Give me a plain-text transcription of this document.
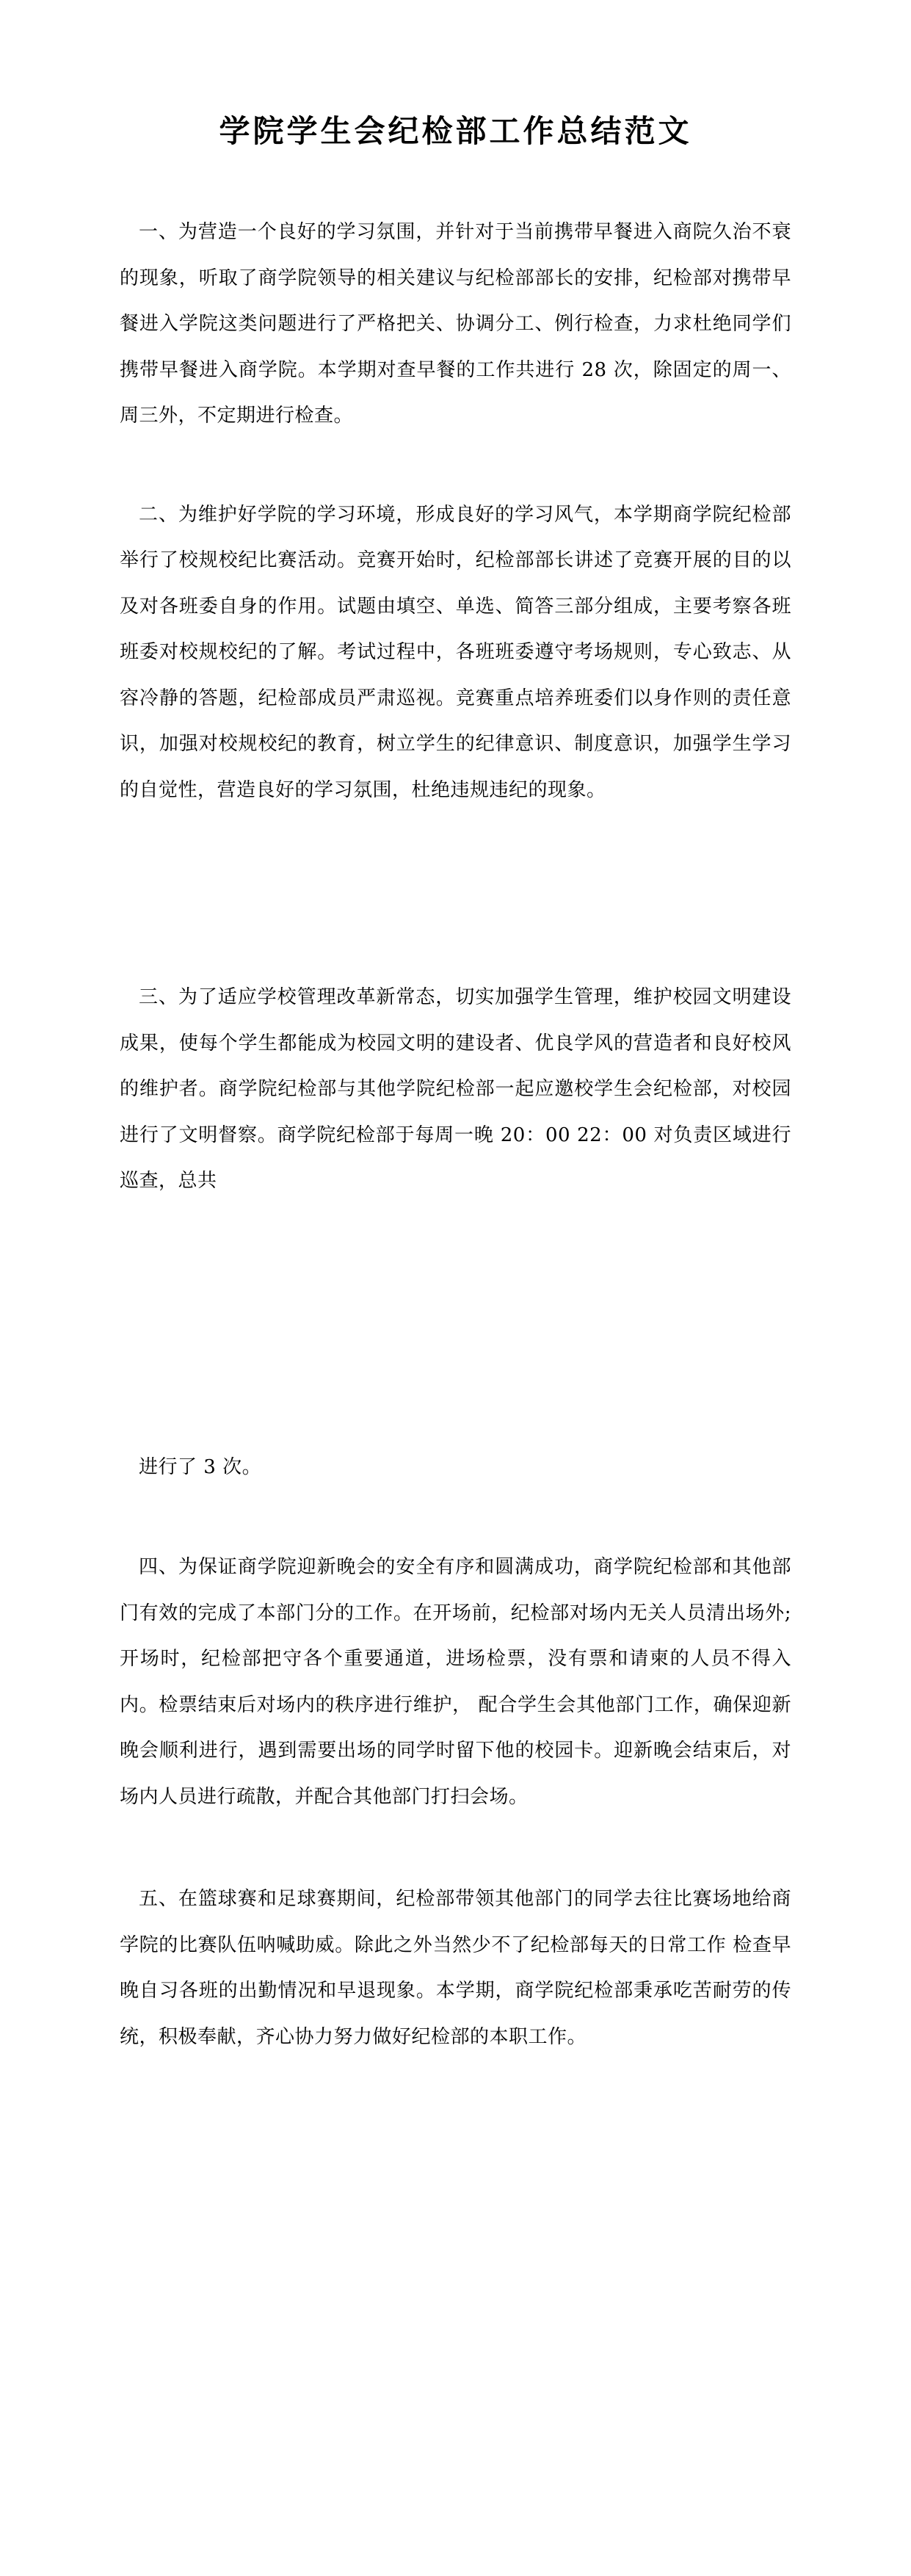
学院学生会纪检部工作总结范文

一、为营造一个良好的学习氛围，并针对于当前携带早餐进入商院久治不衰的现象，听取了商学院领导的相关建议与纪检部部长的安排，纪检部对携带早餐进入学院这类问题进行了严格把关、协调分工、例行检查，力求杜绝同学们携带早餐进入商学院。本学期对查早餐的工作共进行 28 次，除固定的周一、周三外，不定期进行检查。

二、为维护好学院的学习环境，形成良好的学习风气，本学期商学院纪检部举行了校规校纪比赛活动。竞赛开始时，纪检部部长讲述了竞赛开展的目的以及对各班委自身的作用。试题由填空、单选、简答三部分组成，主要考察各班班委对校规校纪的了解。考试过程中，各班班委遵守考场规则，专心致志、从容冷静的答题，纪检部成员严肃巡视。竞赛重点培养班委们以身作则的责任意识，加强对校规校纪的教育，树立学生的纪律意识、制度意识，加强学生学习的自觉性，营造良好的学习氛围，杜绝违规违纪的现象。

三、为了适应学校管理改革新常态，切实加强学生管理，维护校园文明建设成果，使每个学生都能成为校园文明的建设者、优良学风的营造者和良好校风的维护者。商学院纪检部与其他学院纪检部一起应邀校学生会纪检部，对校园进行了文明督察。商学院纪检部于每周一晚 20：00 22：00 对负责区域进行巡查，总共

进行了 3 次。

四、为保证商学院迎新晚会的安全有序和圆满成功，商学院纪检部和其他部门有效的完成了本部门分的工作。在开场前，纪检部对场内无关人员清出场外;开场时，纪检部把守各个重要通道，进场检票，没有票和请柬的人员不得入内。检票结束后对场内的秩序进行维护， 配合学生会其他部门工作，确保迎新晚会顺利进行，遇到需要出场的同学时留下他的校园卡。迎新晚会结束后，对场内人员进行疏散，并配合其他部门打扫会场。

五、在篮球赛和足球赛期间，纪检部带领其他部门的同学去往比赛场地给商学院的比赛队伍呐喊助威。除此之外当然少不了纪检部每天的日常工作 检查早晚自习各班的出勤情况和早退现象。本学期，商学院纪检部秉承吃苦耐劳的传统，积极奉献，齐心协力努力做好纪检部的本职工作。
